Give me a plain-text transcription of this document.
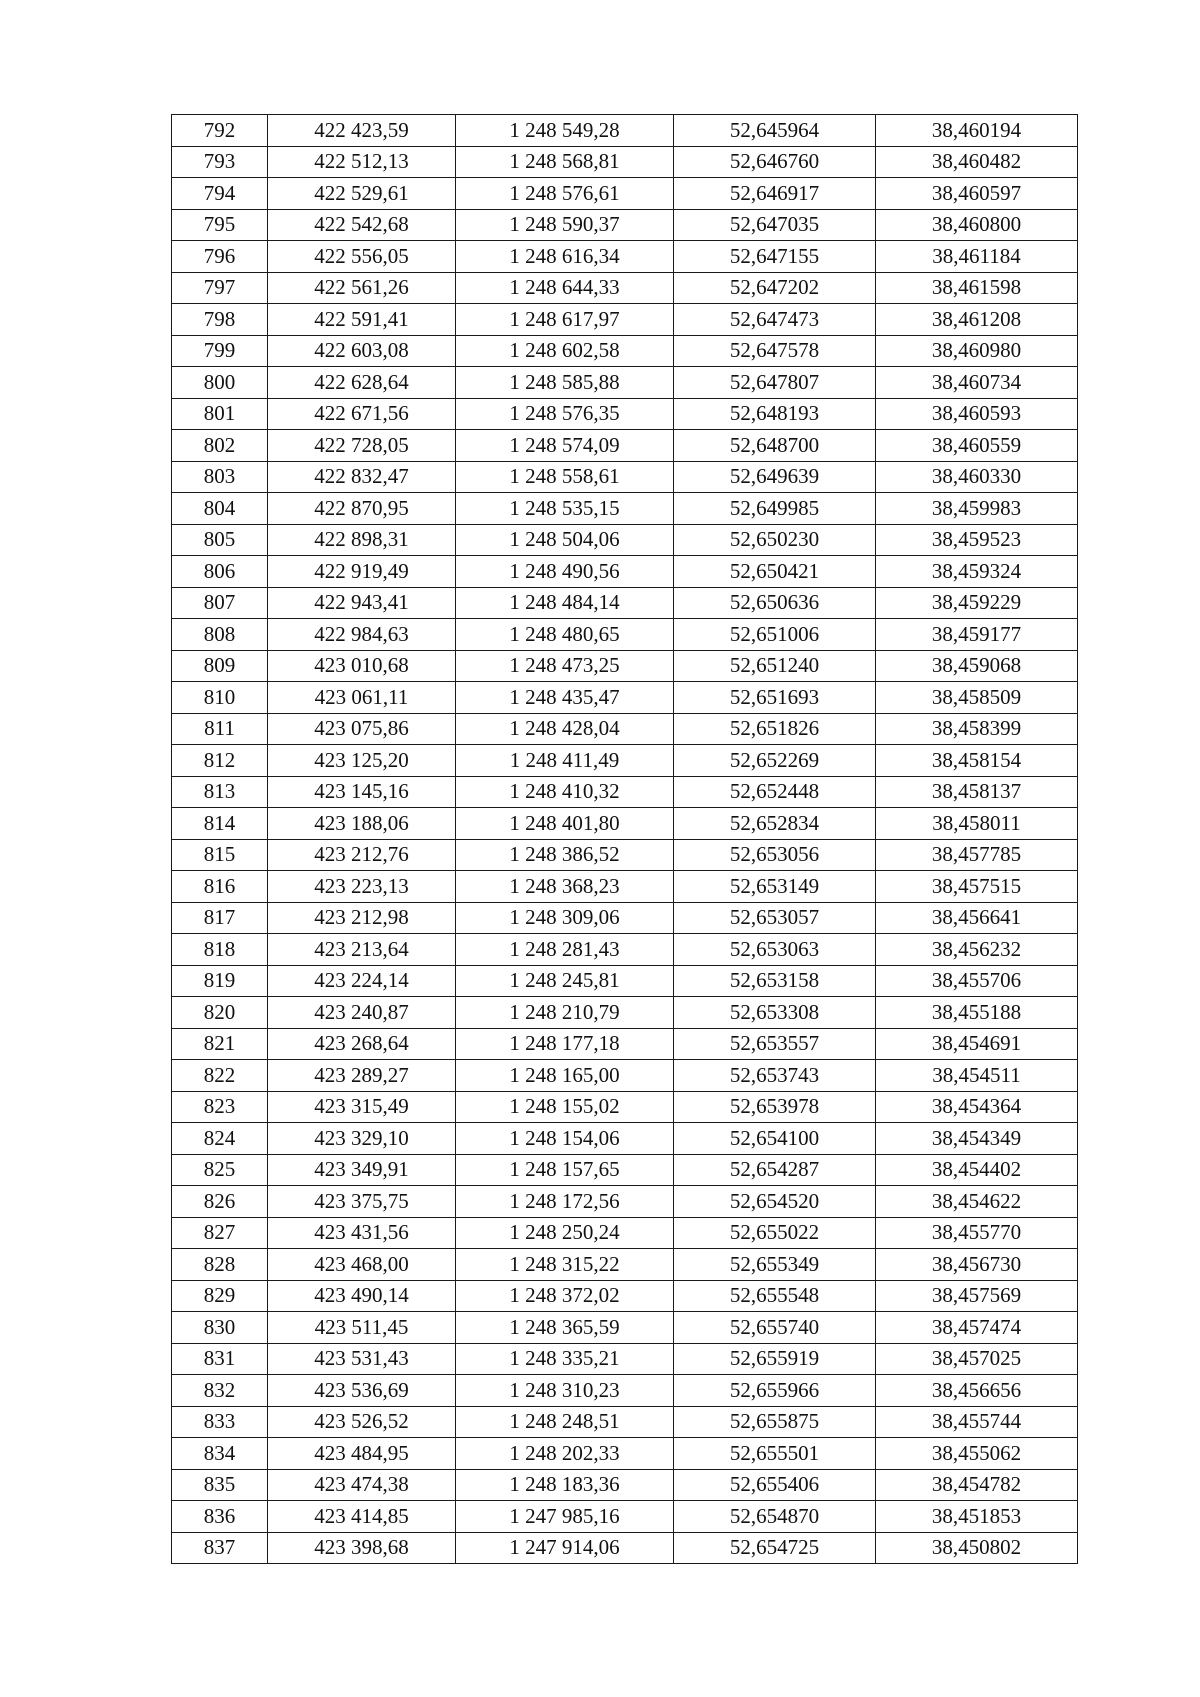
792	422 423,59	1 248 549,28	52,645964	38,460194
793	422 512,13	1 248 568,81	52,646760	38,460482
794	422 529,61	1 248 576,61	52,646917	38,460597
795	422 542,68	1 248 590,37	52,647035	38,460800
796	422 556,05	1 248 616,34	52,647155	38,461184
797	422 561,26	1 248 644,33	52,647202	38,461598
798	422 591,41	1 248 617,97	52,647473	38,461208
799	422 603,08	1 248 602,58	52,647578	38,460980
800	422 628,64	1 248 585,88	52,647807	38,460734
801	422 671,56	1 248 576,35	52,648193	38,460593
802	422 728,05	1 248 574,09	52,648700	38,460559
803	422 832,47	1 248 558,61	52,649639	38,460330
804	422 870,95	1 248 535,15	52,649985	38,459983
805	422 898,31	1 248 504,06	52,650230	38,459523
806	422 919,49	1 248 490,56	52,650421	38,459324
807	422 943,41	1 248 484,14	52,650636	38,459229
808	422 984,63	1 248 480,65	52,651006	38,459177
809	423 010,68	1 248 473,25	52,651240	38,459068
810	423 061,11	1 248 435,47	52,651693	38,458509
811	423 075,86	1 248 428,04	52,651826	38,458399
812	423 125,20	1 248 411,49	52,652269	38,458154
813	423 145,16	1 248 410,32	52,652448	38,458137
814	423 188,06	1 248 401,80	52,652834	38,458011
815	423 212,76	1 248 386,52	52,653056	38,457785
816	423 223,13	1 248 368,23	52,653149	38,457515
817	423 212,98	1 248 309,06	52,653057	38,456641
818	423 213,64	1 248 281,43	52,653063	38,456232
819	423 224,14	1 248 245,81	52,653158	38,455706
820	423 240,87	1 248 210,79	52,653308	38,455188
821	423 268,64	1 248 177,18	52,653557	38,454691
822	423 289,27	1 248 165,00	52,653743	38,454511
823	423 315,49	1 248 155,02	52,653978	38,454364
824	423 329,10	1 248 154,06	52,654100	38,454349
825	423 349,91	1 248 157,65	52,654287	38,454402
826	423 375,75	1 248 172,56	52,654520	38,454622
827	423 431,56	1 248 250,24	52,655022	38,455770
828	423 468,00	1 248 315,22	52,655349	38,456730
829	423 490,14	1 248 372,02	52,655548	38,457569
830	423 511,45	1 248 365,59	52,655740	38,457474
831	423 531,43	1 248 335,21	52,655919	38,457025
832	423 536,69	1 248 310,23	52,655966	38,456656
833	423 526,52	1 248 248,51	52,655875	38,455744
834	423 484,95	1 248 202,33	52,655501	38,455062
835	423 474,38	1 248 183,36	52,655406	38,454782
836	423 414,85	1 247 985,16	52,654870	38,451853
837	423 398,68	1 247 914,06	52,654725	38,450802
